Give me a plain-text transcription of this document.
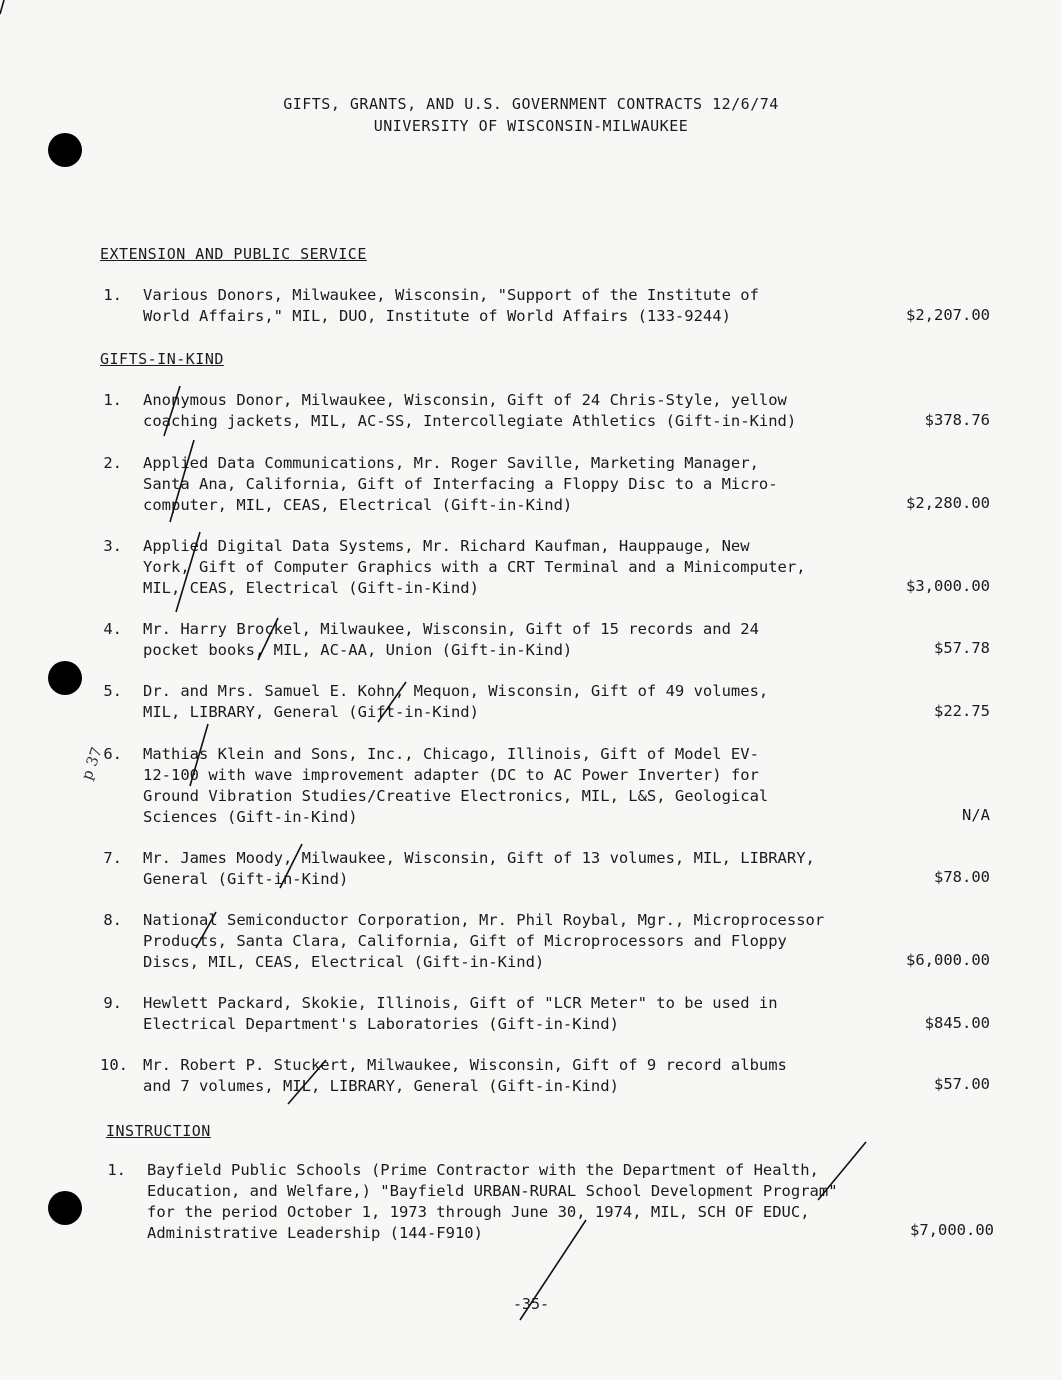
GIFTS, GRANTS, AND U.S. GOVERNMENT CONTRACTS 12/6/74
UNIVERSITY OF WISCONSIN-MILWAUKEE
EXTENSION AND PUBLIC SERVICE
1. Various Donors, Milwaukee, Wisconsin, "Support of the Institute of
World Affairs," MIL, DUO, Institute of World Affairs (133-9244)	$2,207.00
GIFTS-IN-KIND
1. Anonymous Donor, Milwaukee, Wisconsin, Gift of 24 Chris-Style, yellow
coaching jackets, MIL, AC-SS, Intercollegiate Athletics (Gift-in-Kind)	$378.76
2. Applied Data Communications, Mr. Roger Saville, Marketing Manager,
Santa Ana, California, Gift of Interfacing a Floppy Disc to a Micro-
computer, MIL, CEAS, Electrical (Gift-in-Kind)	$2,280.00
3. Applied Digital Data Systems, Mr. Richard Kaufman, Hauppauge, New
York, Gift of Computer Graphics with a CRT Terminal and a Minicomputer,
MIL, CEAS, Electrical (Gift-in-Kind)	$3,000.00
4. Mr. Harry Brockel, Milwaukee, Wisconsin, Gift of 15 records and 24
pocket books, MIL, AC-AA, Union (Gift-in-Kind)	$57.78
5. Dr. and Mrs. Samuel E. Kohn, Mequon, Wisconsin, Gift of 49 volumes,
MIL, LIBRARY, General (Gift-in-Kind)	$22.75
6. Mathias Klein and Sons, Inc., Chicago, Illinois, Gift of Model EV-
12-100 with wave improvement adapter (DC to AC Power Inverter) for
Ground Vibration Studies/Creative Electronics, MIL, L&S, Geological
Sciences (Gift-in-Kind)	N/A
7. Mr. James Moody, Milwaukee, Wisconsin, Gift of 13 volumes, MIL, LIBRARY,
General (Gift-in-Kind)	$78.00
8. National Semiconductor Corporation, Mr. Phil Roybal, Mgr., Microprocessor
Products, Santa Clara, California, Gift of Microprocessors and Floppy
Discs, MIL, CEAS, Electrical (Gift-in-Kind)	$6,000.00
9. Hewlett Packard, Skokie, Illinois, Gift of "LCR Meter" to be used in
Electrical Department's Laboratories (Gift-in-Kind)	$845.00
10. Mr. Robert P. Stuckert, Milwaukee, Wisconsin, Gift of 9 record albums
and 7 volumes, MIL, LIBRARY, General (Gift-in-Kind)	$57.00
INSTRUCTION
1. Bayfield Public Schools (Prime Contractor with the Department of Health,
Education, and Welfare,) "Bayfield URBAN-RURAL School Development Program"
for the period October 1, 1973 through June 30, 1974, MIL, SCH OF EDUC,
Administrative Leadership (144-F910)	$7,000.00
-35-
p 37
